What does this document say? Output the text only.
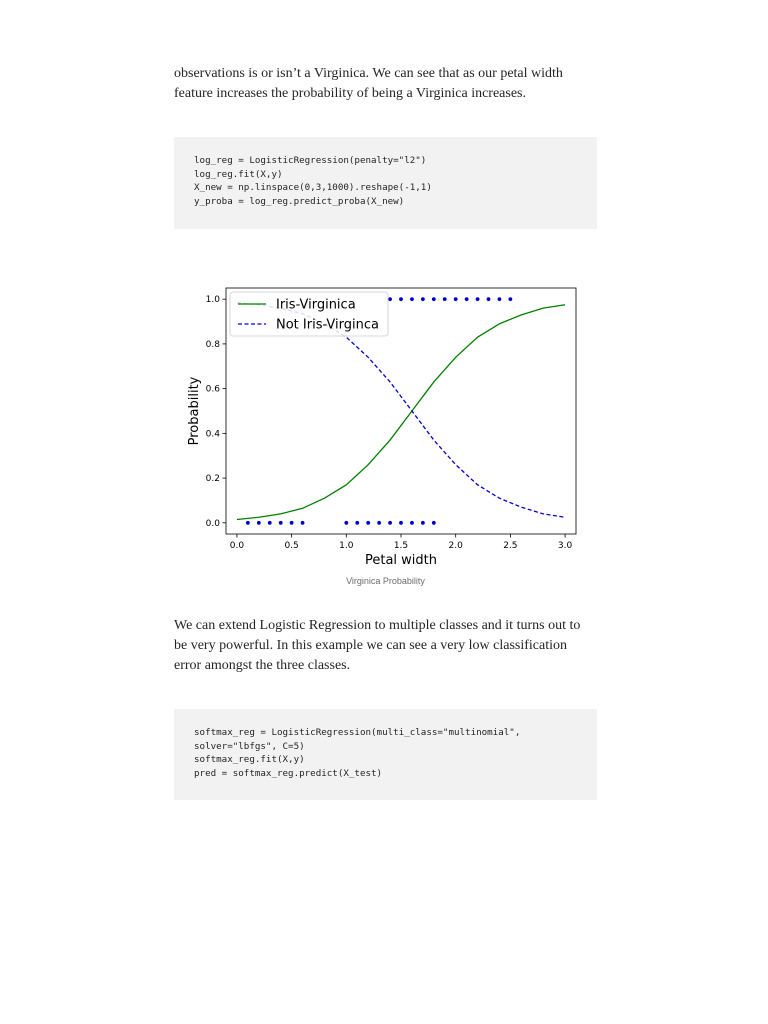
observations is or isn’t a Virginica. We can see that as our petal width feature increases the probability of being a Virginica increases.

log_reg = LogisticRegression(penalty="l2")
log_reg.fit(X,y)
X_new = np.linspace(0,3,1000).reshape(-1,1)
y_proba = log_reg.predict_proba(X_new)
Virginica Probability

We can extend Logistic Regression to multiple classes and it turns out to be very powerful. In this example we can see a very low classification error amongst the three classes.

softmax_reg = LogisticRegression(multi_class="multinomial",
solver="lbfgs", C=5)
softmax_reg.fit(X,y)
pred = softmax_reg.predict(X_test)
0.0	0.5	1.0	1.5	2.0	2.5	3.0
0.0
0.2
0.4
0.6
0.8
1.0
Petal width
Probability
Iris-Virginica
Not Iris-Virginca
